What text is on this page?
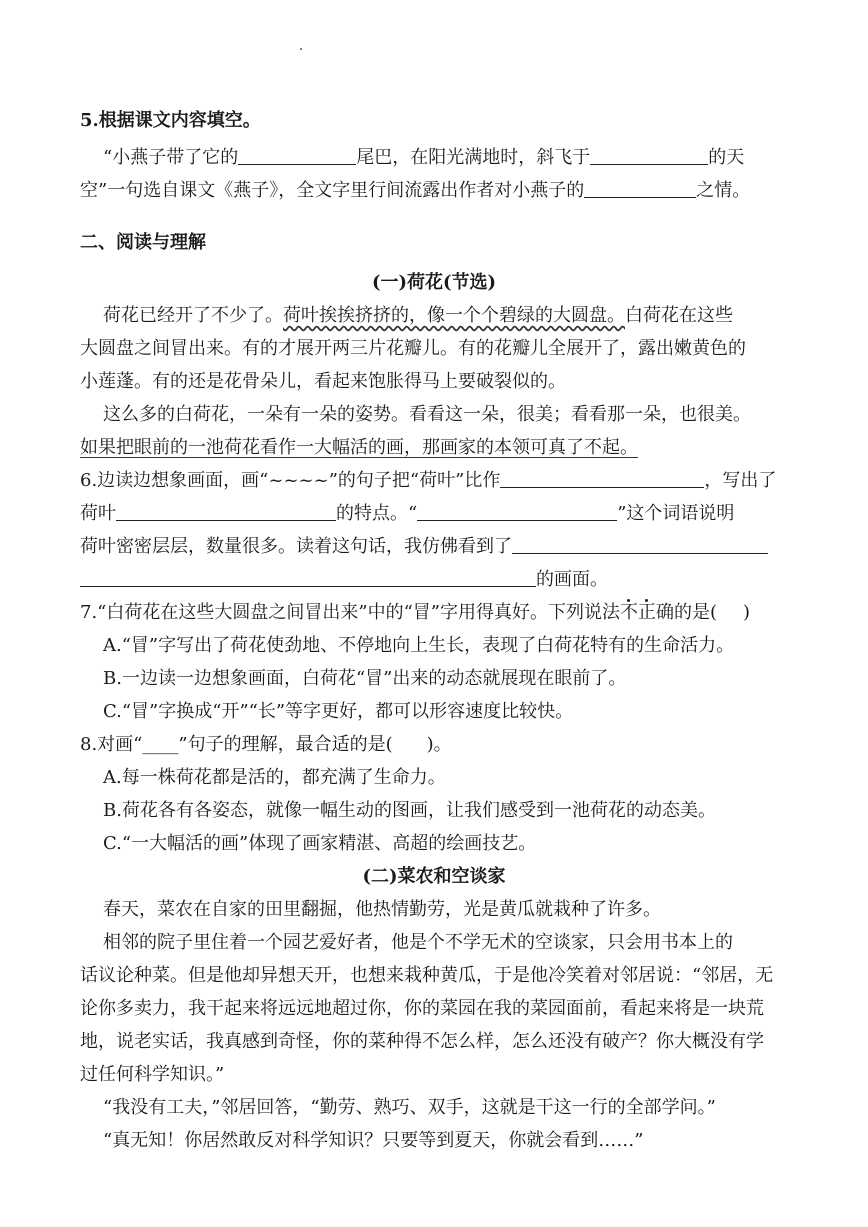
5.根据课文内容填空。
“小燕子带了它的	尾巴，在阳光满地时，斜飞于	的天
空”一句选自课文《燕子》，全文字里行间流露出作者对小燕子的	之情。
二、阅读与理解
(一)荷花(节选)
荷花已经开了不少了。荷叶挨挨挤挤的，像一个个碧绿的大圆盘。白荷花在这些
大圆盘之间冒出来。有的才展开两三片花瓣儿。有的花瓣儿全展开了，露出嫩黄色的
小莲蓬。有的还是花骨朵儿，看起来饱胀得马上要破裂似的。
这么多的白荷花，一朵有一朵的姿势。看看这一朵，很美；看看那一朵，也很美。
如果把眼前的一池荷花看作一大幅活的画，那画家的本领可真了不起。
6.边读边想象画面，画“~~~~”的句子把“荷叶”比作	，写出了
荷叶	的特点。“	”这个词语说明
荷叶密密层层，数量很多。读着这句话，我仿佛看到了
的画面。
7.“白荷花在这些大圆盘之间冒出来”中的“冒”字用得真好。下列说法不正确的是( )
A.“冒”字写出了荷花使劲地、不停地向上生长，表现了白荷花特有的生命活力。
B.一边读一边想象画面，白荷花“冒”出来的动态就展现在眼前了。
C.“冒”字换成“开”“长”等字更好，都可以形容速度比较快。
8.对画“____”句子的理解，最合适的是( )。
A.每一株荷花都是活的，都充满了生命力。
B.荷花各有各姿态，就像一幅生动的图画，让我们感受到一池荷花的动态美。
C.“一大幅活的画”体现了画家精湛、高超的绘画技艺。
(二)菜农和空谈家
春天，菜农在自家的田里翻掘，他热情勤劳，光是黄瓜就栽种了许多。
相邻的院子里住着一个园艺爱好者，他是个不学无术的空谈家，只会用书本上的
话议论种菜。但是他却异想天开，也想来栽种黄瓜，于是他冷笑着对邻居说：“邻居，无
论你多卖力，我干起来将远远地超过你，你的菜园在我的菜园面前，看起来将是一块荒
地，说老实话，我真感到奇怪，你的菜种得不怎么样，怎么还没有破产？你大概没有学
过任何科学知识。”
“我没有工夫，”邻居回答，“勤劳、熟巧、双手，这就是干这一行的全部学问。”
“真无知！你居然敢反对科学知识？只要等到夏天，你就会看到……”
